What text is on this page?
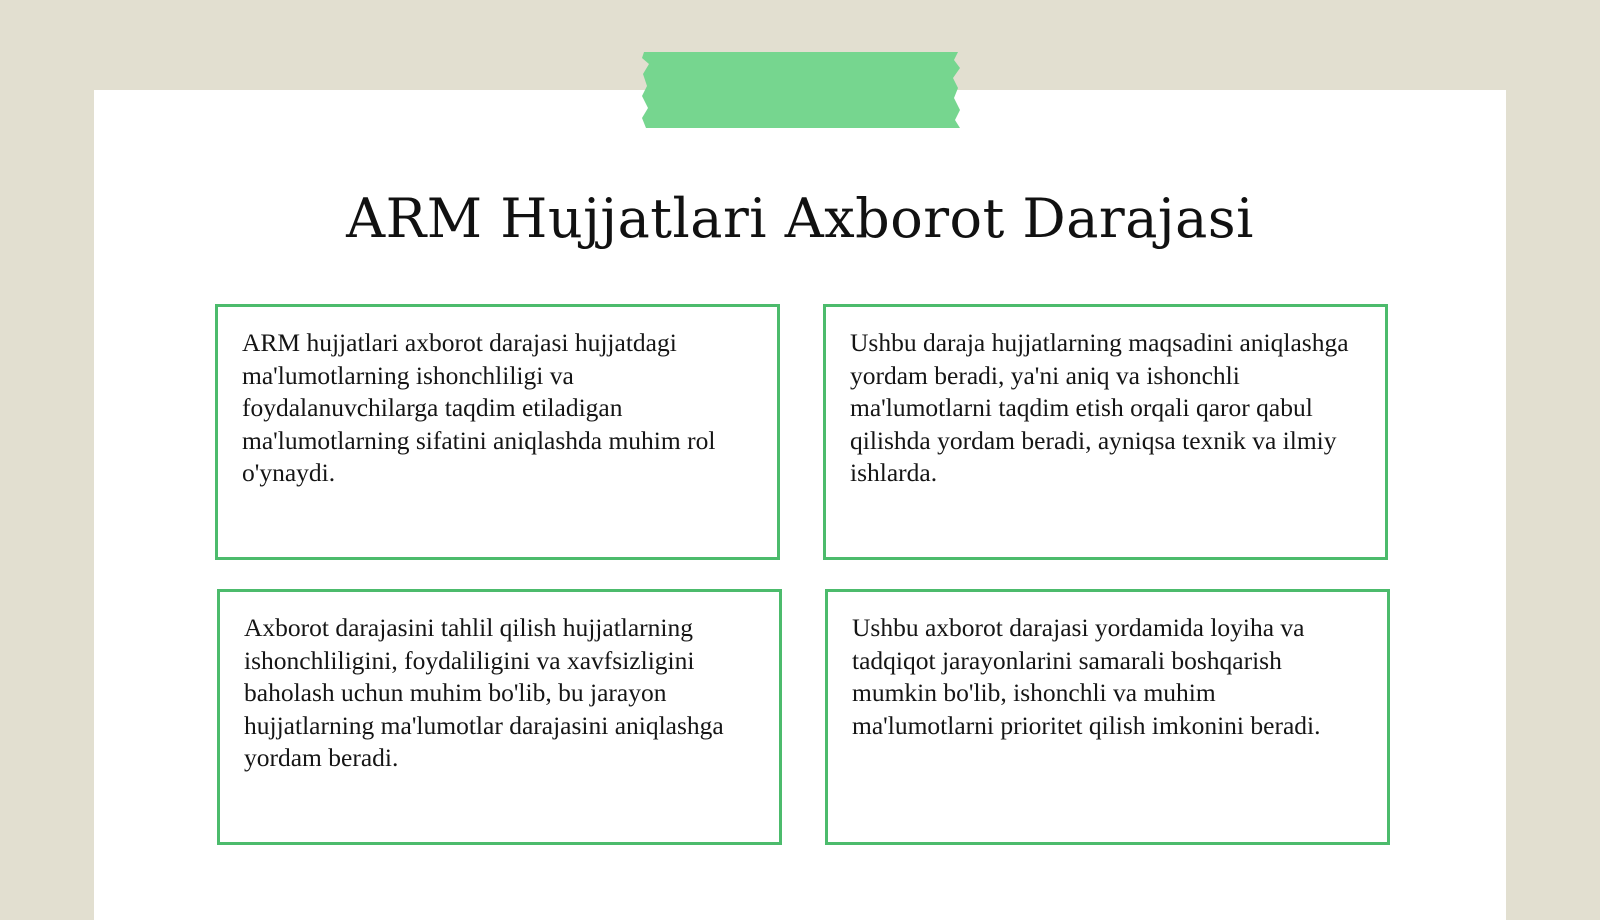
ARM Hujjatlari Axborot Darajasi

ARM hujjatlari axborot darajasi hujjatdagi ma'lumotlarning ishonchliligi va foydalanuvchilarga taqdim etiladigan ma'lumotlarning sifatini aniqlashda muhim rol o'ynaydi.

Ushbu daraja hujjatlarning maqsadini aniqlashga yordam beradi, ya'ni aniq va ishonchli ma'lumotlarni taqdim etish orqali qaror qabul qilishda yordam beradi, ayniqsa texnik va ilmiy ishlarda.

Axborot darajasini tahlil qilish hujjatlarning ishonchliligini, foydaliligini va xavfsizligini baholash uchun muhim bo'lib, bu jarayon hujjatlarning ma'lumotlar darajasini aniqlashga yordam beradi.

Ushbu axborot darajasi yordamida loyiha va tadqiqot jarayonlarini samarali boshqarish mumkin bo'lib, ishonchli va muhim ma'lumotlarni prioritet qilish imkonini beradi.
